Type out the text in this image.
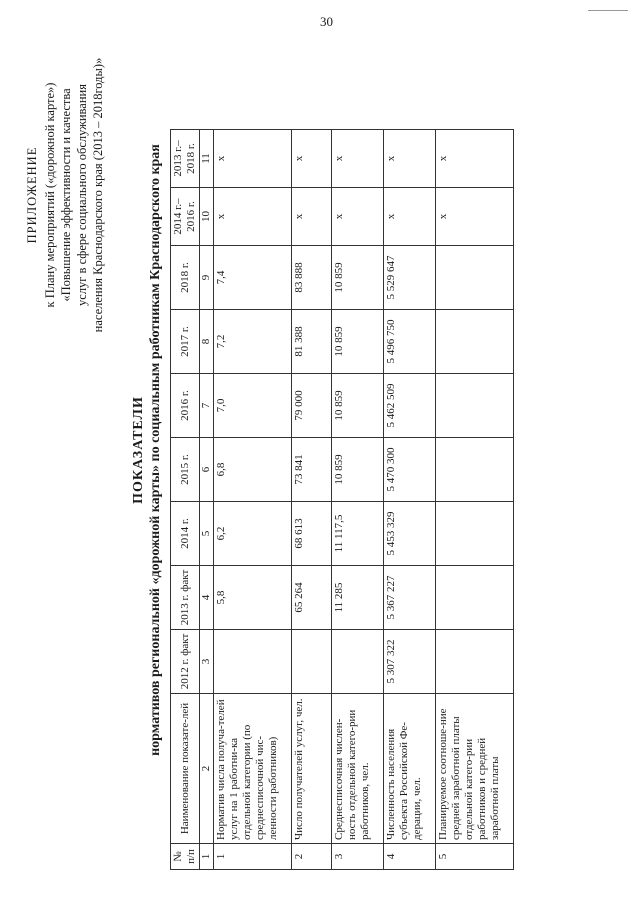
30
ПРИЛОЖЕНИЕ к Плану мероприятий («дорожной карте») «Повышение эффективности и качества услуг в сфере социального обслуживания населения Краснодарского края (2013 – 2018годы)»
ПОКАЗАТЕЛИ нормативов региональной «дорожной карты» по социальным работникам Краснодарского края
№ п/п	Наименование показате-лей	2012 г. факт	2013 г. факт	2014 г.	2015 г.	2016 г.	2017 г.	2018 г.	2014 г.– 2016 г.	2013 г.– 2018 г.
1	2	3	4	5	6	7	8	9	10	11
1	Норматив числа получа-телей услуг на 1 работни-ка отдельной категории (по среднесписочной чис-ленности работников)		5,8	6,2	6,8	7,0	7,2	7,4	х	х
2	Число получателей услуг, чел.		65 264	68 613	73 841	79 000	81 388	83 888	х	х
3	Среднесписочная числен-ность отдельной катего-рии работников, чел.		11 285	11 117,5	10 859	10 859	10 859	10 859	х	х
4	Численность населения субъекта Российской Фе-дерации, чел.	5 307 322	5 367 227	5 453 329	5 470 300	5 462 509	5 496 750	5 529 647	х	х
5	Планируемое соотноше-ние средней заработной платы отдельной катего-рии работников и средней заработной платы								х	х
